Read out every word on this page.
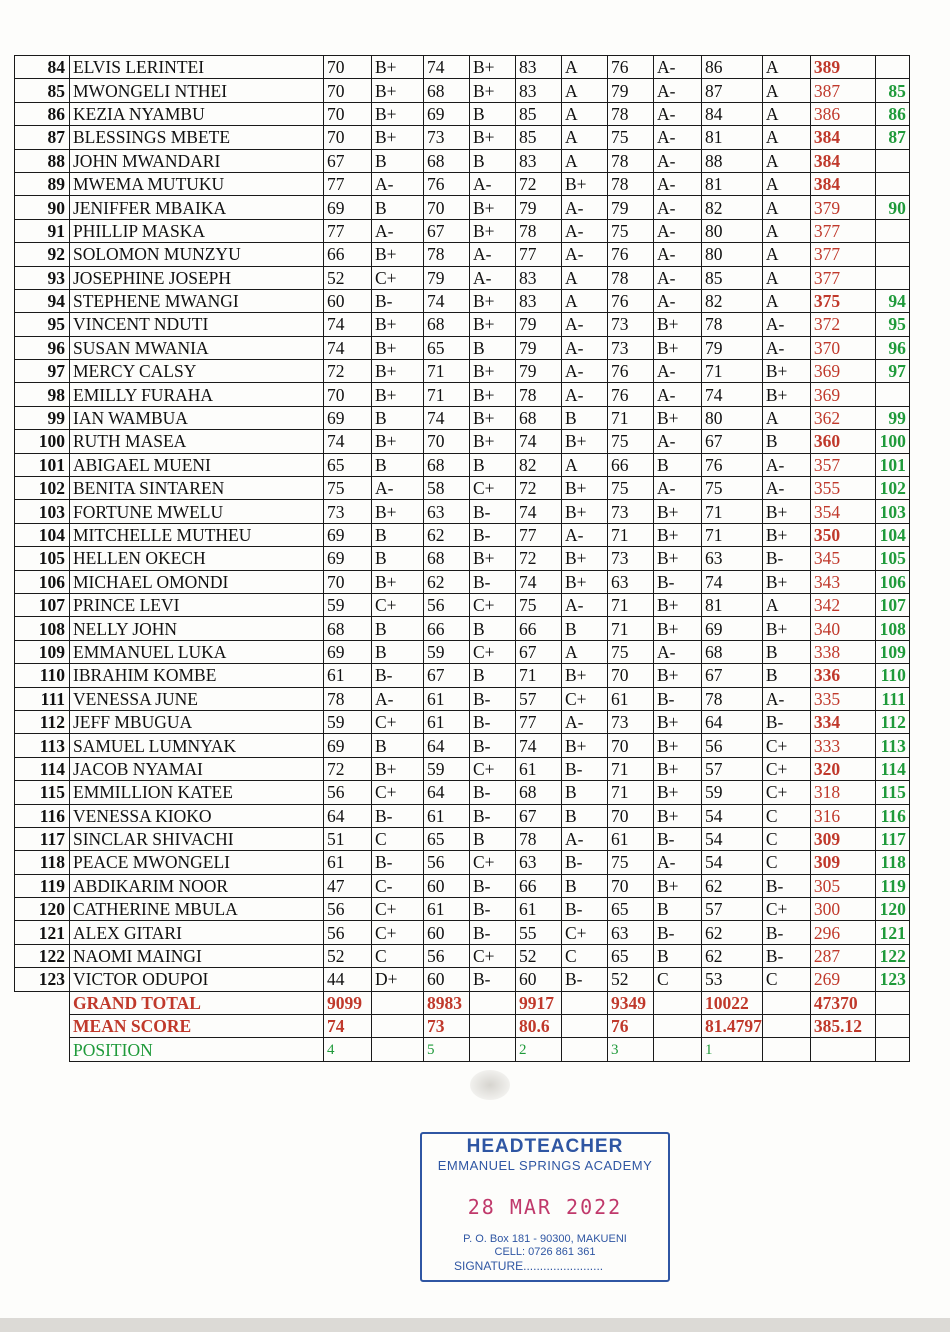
84	ELVIS LERINTEI	70	B+	74	B+	83	A	76	A-	86	A	389	
85	MWONGELI NTHEI	70	B+	68	B+	83	A	79	A-	87	A	387	85
86	KEZIA NYAMBU	70	B+	69	B	85	A	78	A-	84	A	386	86
87	BLESSINGS MBETE	70	B+	73	B+	85	A	75	A-	81	A	384	87
88	JOHN MWANDARI	67	B	68	B	83	A	78	A-	88	A	384	
89	MWEMA MUTUKU	77	A-	76	A-	72	B+	78	A-	81	A	384	
90	JENIFFER MBAIKA	69	B	70	B+	79	A-	79	A-	82	A	379	90
91	PHILLIP MASKA	77	A-	67	B+	78	A-	75	A-	80	A	377	
92	SOLOMON MUNZYU	66	B+	78	A-	77	A-	76	A-	80	A	377	
93	JOSEPHINE JOSEPH	52	C+	79	A-	83	A	78	A-	85	A	377	
94	STEPHENE MWANGI	60	B-	74	B+	83	A	76	A-	82	A	375	94
95	VINCENT NDUTI	74	B+	68	B+	79	A-	73	B+	78	A-	372	95
96	SUSAN MWANIA	74	B+	65	B	79	A-	73	B+	79	A-	370	96
97	MERCY CALSY	72	B+	71	B+	79	A-	76	A-	71	B+	369	97
98	EMILLY FURAHA	70	B+	71	B+	78	A-	76	A-	74	B+	369	
99	IAN WAMBUA	69	B	74	B+	68	B	71	B+	80	A	362	99
100	RUTH MASEA	74	B+	70	B+	74	B+	75	A-	67	B	360	100
101	ABIGAEL MUENI	65	B	68	B	82	A	66	B	76	A-	357	101
102	BENITA SINTAREN	75	A-	58	C+	72	B+	75	A-	75	A-	355	102
103	FORTUNE MWELU	73	B+	63	B-	74	B+	73	B+	71	B+	354	103
104	MITCHELLE MUTHEU	69	B	62	B-	77	A-	71	B+	71	B+	350	104
105	HELLEN OKECH	69	B	68	B+	72	B+	73	B+	63	B-	345	105
106	MICHAEL OMONDI	70	B+	62	B-	74	B+	63	B-	74	B+	343	106
107	PRINCE LEVI	59	C+	56	C+	75	A-	71	B+	81	A	342	107
108	NELLY JOHN	68	B	66	B	66	B	71	B+	69	B+	340	108
109	EMMANUEL LUKA	69	B	59	C+	67	A	75	A-	68	B	338	109
110	IBRAHIM KOMBE	61	B-	67	B	71	B+	70	B+	67	B	336	110
111	VENESSA JUNE	78	A-	61	B-	57	C+	61	B-	78	A-	335	111
112	JEFF MBUGUA	59	C+	61	B-	77	A-	73	B+	64	B-	334	112
113	SAMUEL LUMNYAK	69	B	64	B-	74	B+	70	B+	56	C+	333	113
114	JACOB NYAMAI	72	B+	59	C+	61	B-	71	B+	57	C+	320	114
115	EMMILLION KATEE	56	C+	64	B-	68	B	71	B+	59	C+	318	115
116	VENESSA KIOKO	64	B-	61	B-	67	B	70	B+	54	C	316	116
117	SINCLAR SHIVACHI	51	C	65	B	78	A-	61	B-	54	C	309	117
118	PEACE MWONGELI	61	B-	56	C+	63	B-	75	A-	54	C	309	118
119	ABDIKARIM NOOR	47	C-	60	B-	66	B	70	B+	62	B-	305	119
120	CATHERINE MBULA	56	C+	61	B-	61	B-	65	B	57	C+	300	120
121	ALEX GITARI	56	C+	60	B-	55	C+	63	B-	62	B-	296	121
122	NAOMI MAINGI	52	C	56	C+	52	C	65	B	62	B-	287	122
123	VICTOR ODUPOI	44	D+	60	B-	60	B-	52	C	53	C	269	123
	GRAND TOTAL	9099		8983		9917		9349		10022		47370	
	MEAN SCORE	74		73		80.6		76		81.4797		385.12	
	POSITION	4		5		2		3		1			
HEADTEACHER
EMMANUEL SPRINGS ACADEMY
28 MAR 2022
P. O. Box 181 - 90300, MAKUENI
CELL: 0726 861 361
SIGNATURE........................
